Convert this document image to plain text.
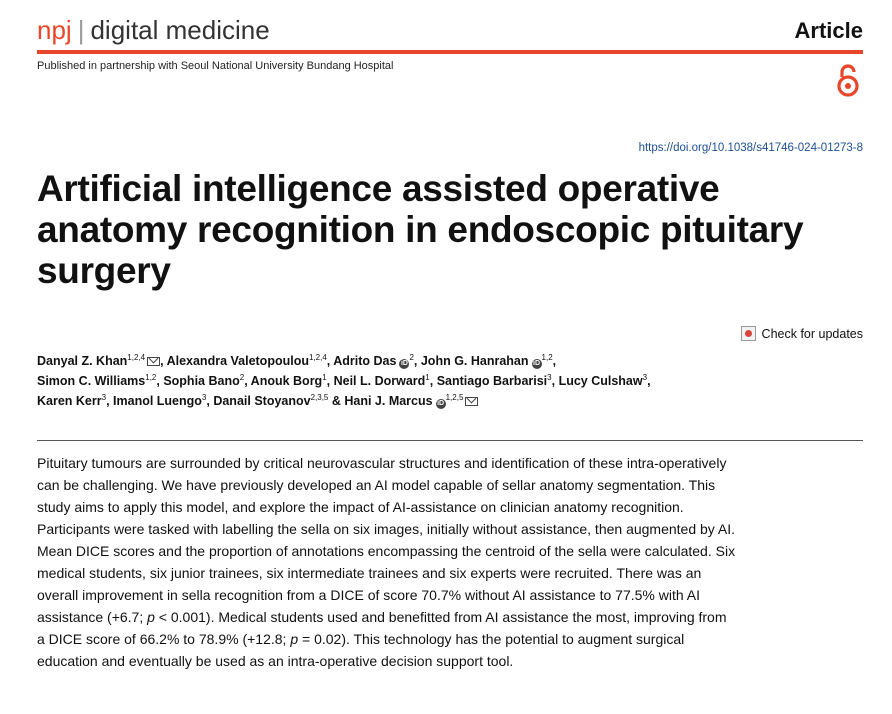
npj | digital medicine	Article
Published in partnership with Seoul National University Bundang Hospital
https://doi.org/10.1038/s41746-024-01273-8
Artificial intelligence assisted operative anatomy recognition in endoscopic pituitary surgery
Check for updates

Danyal Z. Khan$^{1,2,4}$ , Alexandra Valetopoulou$^{1,2,4}$, Adrito Das $iD^2$, John G. Hanrahan iD$^{1,2}$,
Simon C. Williams$^{1,2}$, Sophia Bano$^2$, Anouk Borg$^1$, Neil L. Dorward$^1$, Santiago Barbarisi$^3$, Lucy Culshaw$^3$,
Karen Kerr$^3$, Imanol Luengo$^3$, Danail Stoyanov$^{2,3,5}$ & Hani J. Marcus iD$^{1,2,5}$

Pituitary tumours are surrounded by critical neurovascular structures and identification of these intra-operatively can be challenging. We have previously developed an AI model capable of sellar anatomy segmentation. This study aims to apply this model, and explore the impact of AI-assistance on clinician anatomy recognition. Participants were tasked with labelling the sella on six images, initially without assistance, then augmented by AI. Mean DICE scores and the proportion of annotations encompassing the centroid of the sella were calculated. Six medical students, six junior trainees, six intermediate trainees and six experts were recruited. There was an overall improvement in sella recognition from a DICE of score 70.7% without AI assistance to 77.5% with AI assistance (+6.7; p < 0.001). Medical students used and benefitted from AI assistance the most, improving from a DICE score of 66.2% to 78.9% (+12.8; p = 0.02). This technology has the potential to augment surgical education and eventually be used as an intra-operative decision support tool.
